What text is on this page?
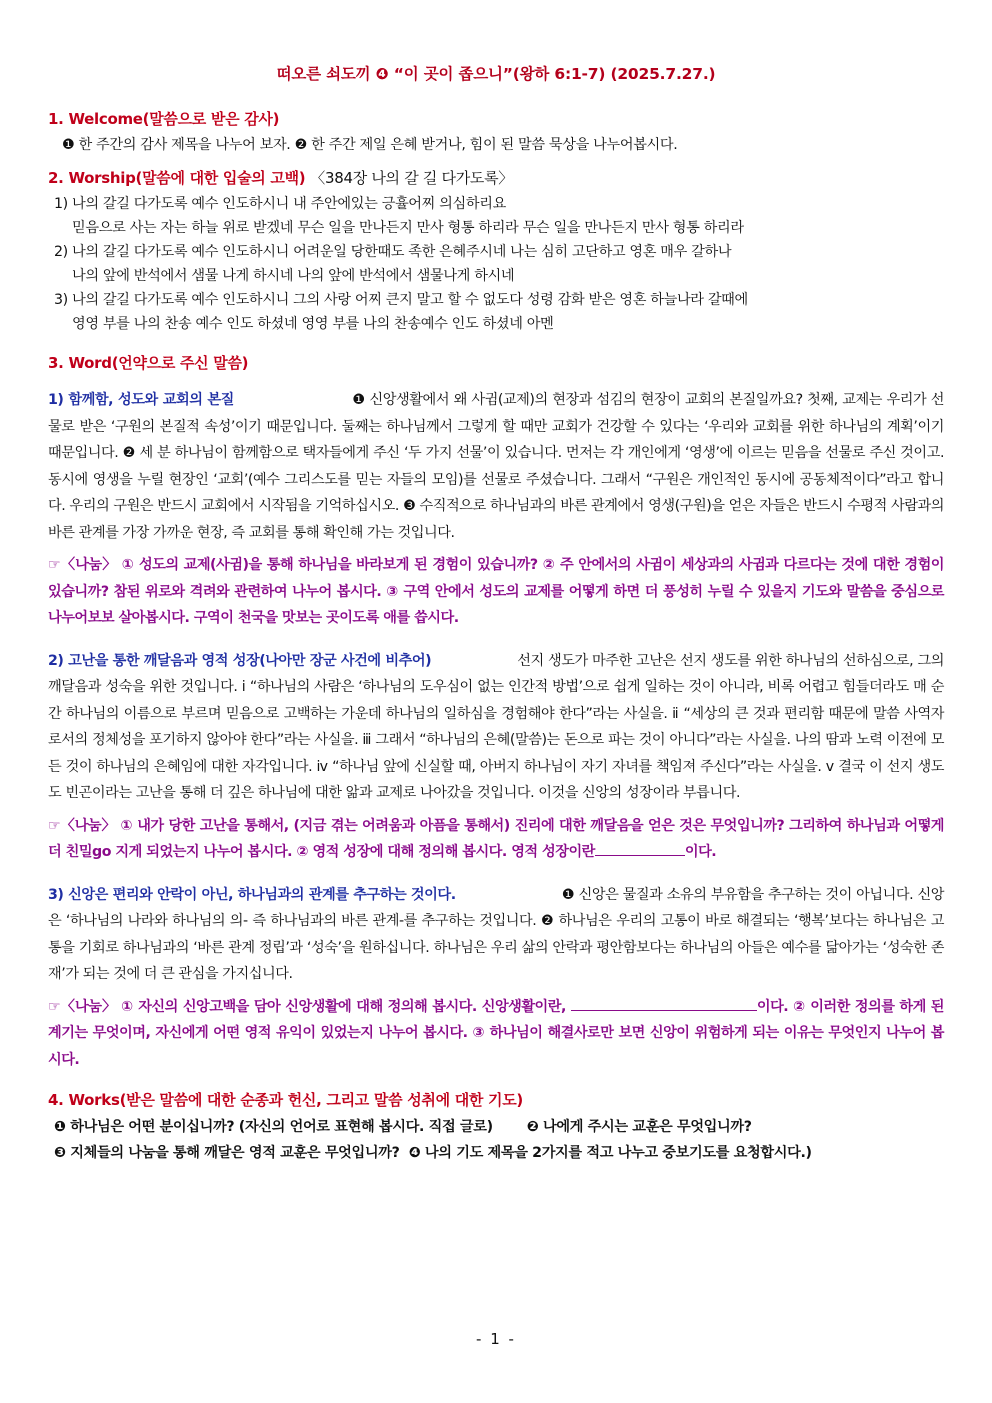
떠오른 쇠도끼 ❹ “이 곳이 좁으니”(왕하 6:1-7) (2025.7.27.)

1. Welcome(말씀으로 받은 감사)

❶ 한 주간의 감사 제목을 나누어 보자. ❷ 한 주간 제일 은혜 받거나, 힘이 된 말씀 묵상을 나누어봅시다.

2. Worship(말씀에 대한 입술의 고백) 〈384장 나의 갈 길 다가도록〉

1) 나의 갈길 다가도록 예수 인도하시니 내 주안에있는 긍휼어찌 의심하리요

믿음으로 사는 자는 하늘 위로 받겠네 무슨 일을 만나든지 만사 형통 하리라 무슨 일을 만나든지 만사 형통 하리라

2) 나의 갈길 다가도록 예수 인도하시니 어려운일 당한때도 족한 은혜주시네 나는 심히 고단하고 영혼 매우 갈하나

나의 앞에 반석에서 샘물 나게 하시네 나의 앞에 반석에서 샘물나게 하시네

3) 나의 갈길 다가도록 예수 인도하시니 그의 사랑 어찌 큰지 말고 할 수 없도다 성령 감화 받은 영혼 하늘나라 갈때에

영영 부를 나의 찬송 예수 인도 하셨네 영영 부를 나의 찬송예수 인도 하셨네 아멘

3. Word(언약으로 주신 말씀)

1) 함께함, 성도와 교회의 본질	❶ 신앙생활에서 왜 사귐(교제)의 현장과 섬김의 현장이 교회의 본질일까요? 첫째, 교제는 우리가 선물로 받은 ‘구원의 본질적 속성’이기 때문입니다. 둘째는 하나님께서 그렇게 할 때만 교회가 건강할 수 있다는 ‘우리와 교회를 위한 하나님의 계획’이기 때문입니다. ❷ 세 분 하나님이 함께함으로 택자들에게 주신 ‘두 가지 선물’이 있습니다. 먼저는 각 개인에게 ‘영생’에 이르는 믿음을 선물로 주신 것이고. 동시에 영생을 누릴 현장인 ‘교회’(예수 그리스도를 믿는 자들의 모임)를 선물로 주셨습니다. 그래서 “구원은 개인적인 동시에 공동체적이다”라고 합니다. 우리의 구원은 반드시 교회에서 시작됨을 기억하십시오. ❸ 수직적으로 하나님과의 바른 관계에서 영생(구원)을 얻은 자들은 반드시 수평적 사람과의 바른 관계를 가장 가까운 현장, 즉 교회를 통해 확인해 가는 것입니다.

☞〈나눔〉 ① 성도의 교제(사귐)을 통해 하나님을 바라보게 된 경험이 있습니까? ② 주 안에서의 사귐이 세상과의 사귐과 다르다는 것에 대한 경험이 있습니까? 참된 위로와 격려와 관련하여 나누어 봅시다. ③ 구역 안에서 성도의 교제를 어떻게 하면 더 풍성히 누릴 수 있을지 기도와 말씀을 중심으로 나누어보보 살아봅시다. 구역이 천국을 맛보는 곳이도록 애를 씁시다.

2) 고난을 통한 깨달음과 영적 성장(나아만 장군 사건에 비추어)	선지 생도가 마주한 고난은 선지 생도를 위한 하나님의 선하심으로, 그의 깨달음과 성숙을 위한 것입니다. ⅰ “하나님의 사람은 ‘하나님의 도우심이 없는 인간적 방법’으로 쉽게 일하는 것이 아니라, 비록 어렵고 힘들더라도 매 순간 하나님의 이름으로 부르며 믿음으로 고백하는 가운데 하나님의 일하심을 경험해야 한다”라는 사실을. ⅱ “세상의 큰 것과 편리함 때문에 말씀 사역자로서의 정체성을 포기하지 않아야 한다”라는 사실을. ⅲ 그래서 “하나님의 은혜(말씀)는 돈으로 파는 것이 아니다”라는 사실을. 나의 땀과 노력 이전에 모든 것이 하나님의 은혜임에 대한 자각입니다. ⅳ “하나님 앞에 신실할 때, 아버지 하나님이 자기 자녀를 책임져 주신다”라는 사실을. ⅴ 결국 이 선지 생도도 빈곤이라는 고난을 통해 더 깊은 하나님에 대한 앎과 교제로 나아갔을 것입니다. 이것을 신앙의 성장이라 부릅니다.

☞〈나눔〉 ① 내가 당한 고난을 통해서, (지금 겪는 어려움과 아픔을 통해서) 진리에 대한 깨달음을 얻은 것은 무엇입니까? 그리하여 하나님과 어떻게 더 친밀go 지게 되었는지 나누어 봅시다. ② 영적 성장에 대해 정의해 봅시다. 영적 성장이란	이다.

3) 신앙은 편리와 안락이 아닌, 하나님과의 관계를 추구하는 것이다.	❶ 신앙은 물질과 소유의 부유함을 추구하는 것이 아닙니다. 신앙은 ‘하나님의 나라와 하나님의 의- 즉 하나님과의 바른 관계-를 추구하는 것입니다. ❷ 하나님은 우리의 고통이 바로 해결되는 ‘행복’보다는 하나님은 고통을 기회로 하나님과의 ‘바른 관계 정립’과 ‘성숙’을 원하십니다. 하나님은 우리 삶의 안락과 평안함보다는 하나님의 아들은 예수를 닮아가는 ‘성숙한 존재’가 되는 것에 더 큰 관심을 가지십니다.

☞〈나눔〉 ① 자신의 신앙고백을 담아 신앙생활에 대해 정의해 봅시다. 신앙생활이란,	이다. ② 이러한 정의를 하게 된 계기는 무엇이며, 자신에게 어떤 영적 유익이 있었는지 나누어 봅시다. ③ 하나님이 해결사로만 보면 신앙이 위험하게 되는 이유는 무엇인지 나누어 봅시다.

4. Works(받은 말씀에 대한 순종과 헌신, 그리고 말씀 성취에 대한 기도)

❶ 하나님은 어떤 분이십니까? (자신의 언어로 표현해 봅시다. 직접 글로) ❷ 나에게 주시는 교훈은 무엇입니까?

❸ 지체들의 나눔을 통해 깨달은 영적 교훈은 무엇입니까? ❹ 나의 기도 제목을 2가지를 적고 나누고 중보기도를 요청합시다.)

- 1 -
